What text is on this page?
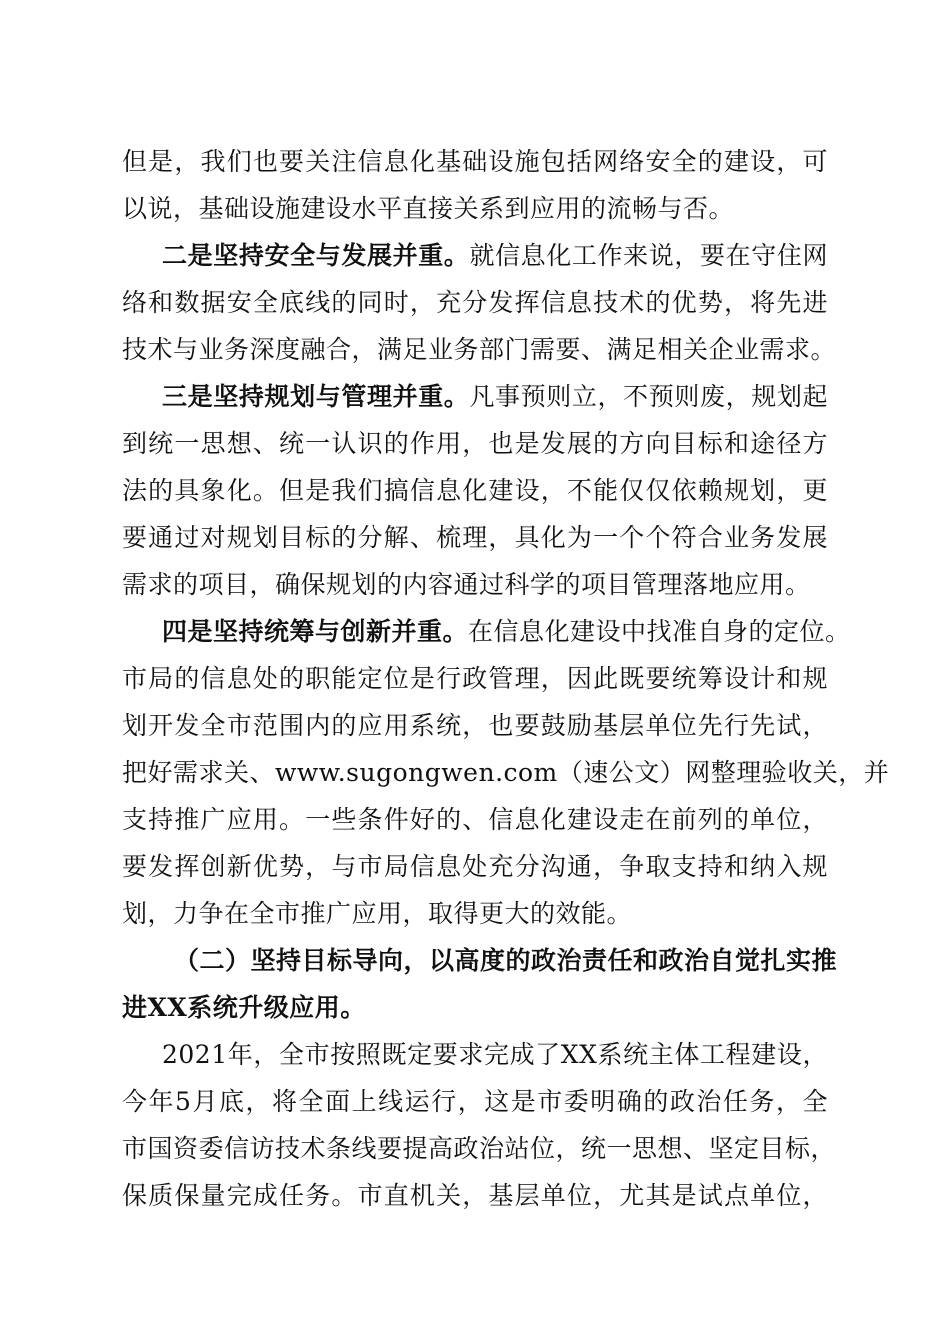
但是，我们也要关注信息化基础设施包括网络安全的建设，可
以说，基础设施建设水平直接关系到应用的流畅与否。
二是坚持安全与发展并重。就信息化工作来说，要在守住网
络和数据安全底线的同时，充分发挥信息技术的优势，将先进
技术与业务深度融合，满足业务部门需要、满足相关企业需求。
三是坚持规划与管理并重。凡事预则立，不预则废，规划起
到统一思想、统一认识的作用，也是发展的方向目标和途径方
法的具象化。但是我们搞信息化建设，不能仅仅依赖规划，更
要通过对规划目标的分解、梳理，具化为一个个符合业务发展
需求的项目，确保规划的内容通过科学的项目管理落地应用。
四是坚持统筹与创新并重。在信息化建设中找准自身的定位。
市局的信息处的职能定位是行政管理，因此既要统筹设计和规
划开发全市范围内的应用系统，也要鼓励基层单位先行先试，
把好需求关、www.sugongwen.com（速公文）网整理验收关，并
支持推广应用。一些条件好的、信息化建设走在前列的单位，
要发挥创新优势，与市局信息处充分沟通，争取支持和纳入规
划，力争在全市推广应用，取得更大的效能。
（二）坚持目标导向，以高度的政治责任和政治自觉扎实推
进XX系统升级应用。
2021年，全市按照既定要求完成了XX系统主体工程建设，
今年5月底，将全面上线运行，这是市委明确的政治任务，全
市国资委信访技术条线要提高政治站位，统一思想、坚定目标，
保质保量完成任务。市直机关，基层单位，尤其是试点单位，
